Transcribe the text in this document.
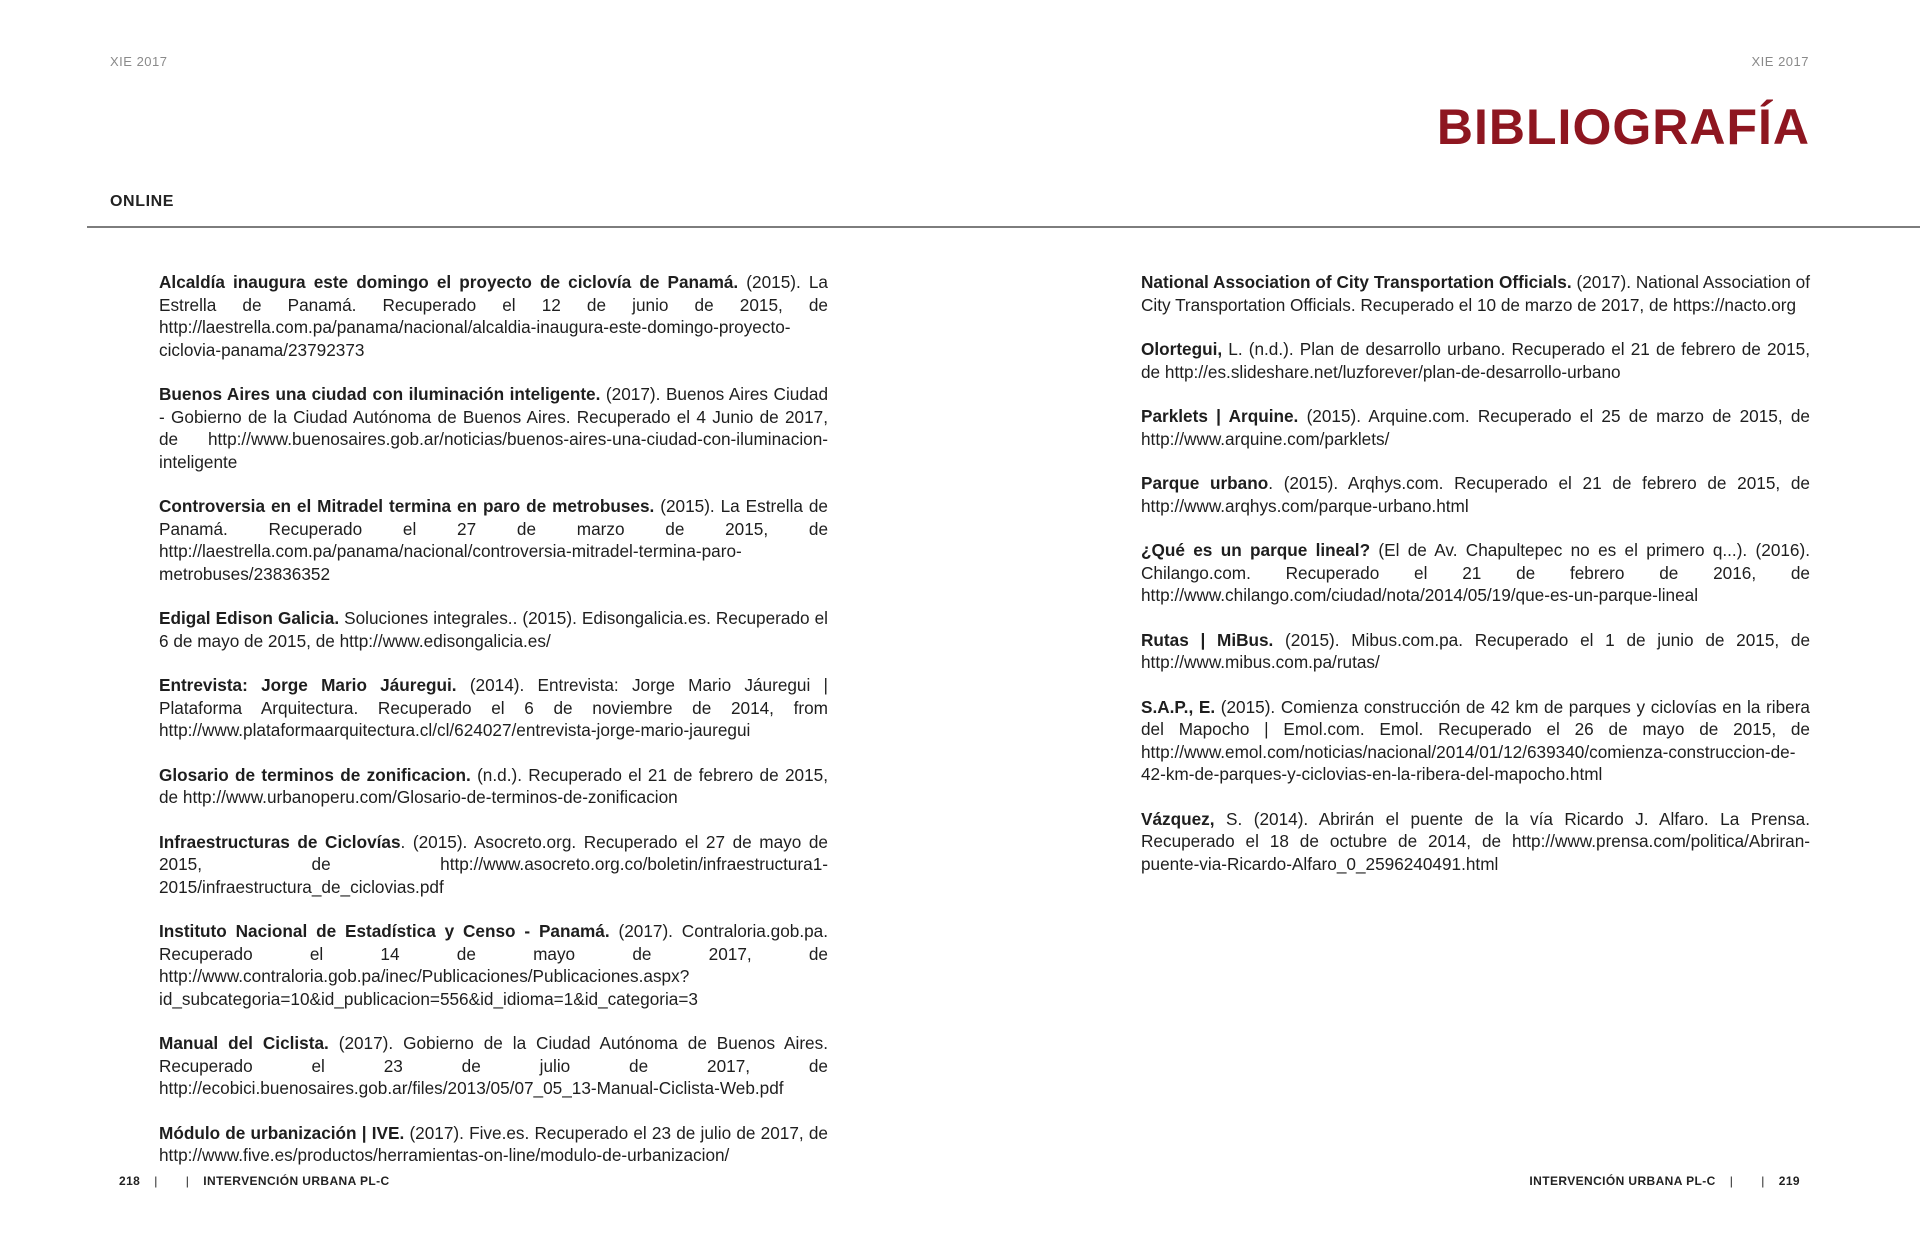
XIE 2017	XIE 2017
BIBLIOGRAFÍA
ONLINE

Alcaldía inaugura este domingo el proyecto de ciclovía de Panamá. (2015). La Estrella de Panamá. Recuperado el 12 de junio de 2015, de http://laestrella.com.pa/panama/nacional/alcaldia-inaugura-este-domingo-proyecto-ciclovia-panama/23792373

Buenos Aires una ciudad con iluminación inteligente. (2017). Buenos Aires Ciudad - Gobierno de la Ciudad Autónoma de Buenos Aires. Recuperado el 4 Junio de 2017, de http://www.buenosaires.gob.ar/noticias/buenos-aires-una-ciudad-con-iluminacion-inteligente

Controversia en el Mitradel termina en paro de metrobuses. (2015). La Estrella de Panamá. Recuperado el 27 de marzo de 2015, de http://laestrella.com.pa/panama/nacional/controversia-mitradel-termina-paro-metrobuses/23836352

Edigal Edison Galicia. Soluciones integrales.. (2015). Edisongalicia.es. Recuperado el 6 de mayo de 2015, de http://www.edisongalicia.es/

Entrevista: Jorge Mario Jáuregui. (2014). Entrevista: Jorge Mario Jáuregui | Plataforma Arquitectura. Recuperado el 6 de noviembre de 2014, from http://www.plataformaarquitectura.cl/cl/624027/entrevista-jorge-mario-jauregui

Glosario de terminos de zonificacion. (n.d.). Recuperado el 21 de febrero de 2015, de http://www.urbanoperu.com/Glosario-de-terminos-de-zonificacion

Infraestructuras de Ciclovías. (2015). Asocreto.org. Recuperado el 27 de mayo de 2015, de http://www.asocreto.org.co/boletin/infraestructura1-2015/infraestructura_de_ciclovias.pdf

Instituto Nacional de Estadística y Censo - Panamá. (2017). Contraloria.gob.pa. Recuperado el 14 de mayo de 2017, de http://www.contraloria.gob.pa/inec/Publicaciones/Publicaciones.aspx?id_subcategoria=10&id_publicacion=556&id_idioma=1&id_categoria=3

Manual del Ciclista. (2017). Gobierno de la Ciudad Autónoma de Buenos Aires. Recuperado el 23 de julio de 2017, de http://ecobici.buenosaires.gob.ar/files/2013/05/07_05_13-Manual-Ciclista-Web.pdf

Módulo de urbanización | IVE. (2017). Five.es. Recuperado el 23 de julio de 2017, de http://www.five.es/productos/herramientas-on-line/modulo-de-urbanizacion/

National Association of City Transportation Officials. (2017). National Association of City Transportation Officials. Recuperado el 10 de marzo de 2017, de https://nacto.org

Olortegui, L. (n.d.). Plan de desarrollo urbano. Recuperado el 21 de febrero de 2015, de http://es.slideshare.net/luzforever/plan-de-desarrollo-urbano

Parklets | Arquine. (2015). Arquine.com. Recuperado el 25 de marzo de 2015, de http://www.arquine.com/parklets/

Parque urbano. (2015). Arqhys.com. Recuperado el 21 de febrero de 2015, de http://www.arqhys.com/parque-urbano.html

¿Qué es un parque lineal? (El de Av. Chapultepec no es el primero q...). (2016). Chilango.com. Recuperado el 21 de febrero de 2016, de http://www.chilango.com/ciudad/nota/2014/05/19/que-es-un-parque-lineal

Rutas | MiBus. (2015). Mibus.com.pa. Recuperado el 1 de junio de 2015, de http://www.mibus.com.pa/rutas/

S.A.P., E. (2015). Comienza construcción de 42 km de parques y ciclovías en la ribera del Mapocho | Emol.com. Emol. Recuperado el 26 de mayo de 2015, de http://www.emol.com/noticias/nacional/2014/01/12/639340/comienza-construccion-de-42-km-de-parques-y-ciclovias-en-la-ribera-del-mapocho.html

Vázquez, S. (2014). Abrirán el puente de la vía Ricardo J. Alfaro. La Prensa. Recuperado el 18 de octubre de 2014, de http://www.prensa.com/politica/Abriran-puente-via-Ricardo-Alfaro_0_2596240491.html

218 | | INTERVENCIÓN URBANA PL-C	INTERVENCIÓN URBANA PL-C | | 219
